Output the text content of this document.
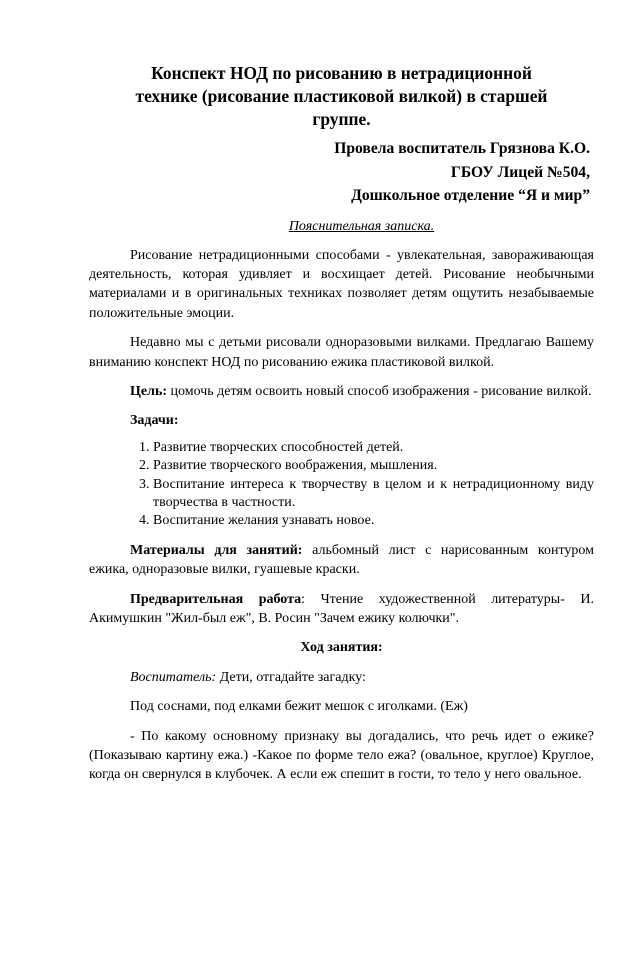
Конспект НОД по рисованию в нетрадиционной
технике (рисование пластиковой вилкой) в старшей
группе.
Провела воспитатель Грязнова К.О.
ГБОУ Лицей №504,
Дошкольное отделение “Я и мир”
Пояснительная записка.

Рисование нетрадиционными способами - увлекательная, завораживающая деятельность, которая удивляет и восхищает детей. Рисование необычными материалами и в оригинальных техниках позволяет детям ощутить незабываемые положительные эмоции.

Недавно мы с детьми рисовали одноразовыми вилками. Предлагаю Вашему вниманию конспект НОД по рисованию ежика пластиковой вилкой.

Цель: цомочь детям освоить новый способ изображения - рисование вилкой.

Задачи:

1. Развитие творческих способностей детей.
2. Развитие творческого воображения, мышления.
3. Воспитание интереса к творчеству в целом и к нетрадиционному виду творчества в частности.
4. Воспитание желания узнавать новое.

Материалы для занятий: альбомный лист с нарисованным контуром ежика, одноразовые вилки, гуашевые краски.

Предварительная работа: Чтение художественной литературы- И. Акимушкин "Жил-был еж", В. Росин "Зачем ежику колючки".

Ход занятия:

Воспитатель: Дети, отгадайте загадку:

Под соснами, под елками бежит мешок с иголками. (Еж)

- По какому основному признаку вы догадались, что речь идет о ежике? (Показываю картину ежа.) -Какое по форме тело ежа? (овальное, круглое) Круглое, когда он свернулся в клубочек. А если еж спешит в гости, то тело у него овальное.
